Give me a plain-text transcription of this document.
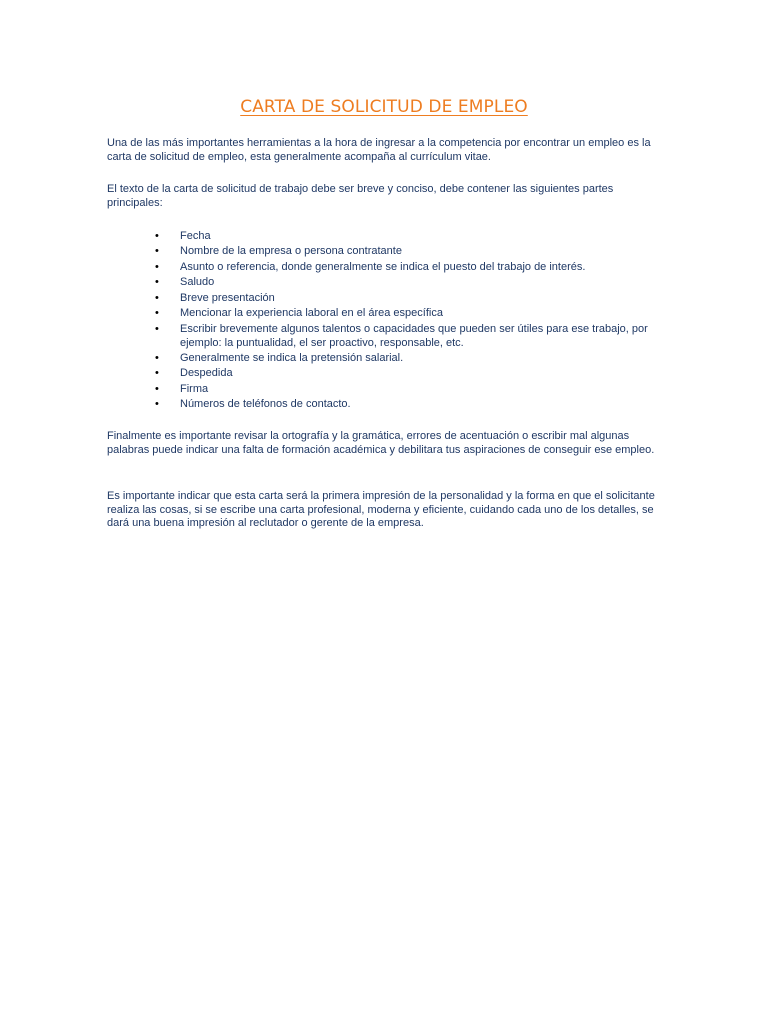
CARTA DE SOLICITUD DE EMPLEO

Una de las más importantes herramientas a la hora de ingresar a la competencia por encontrar un empleo es la carta de solicitud de empleo, esta generalmente acompaña al currículum vitae.

El texto de la carta de solicitud de trabajo debe ser breve y conciso, debe contener las siguientes partes principales:

•	Fecha
•	Nombre de la empresa o persona contratante
•	Asunto o referencia, donde generalmente se indica el puesto del trabajo de interés.
•	Saludo
•	Breve presentación
•	Mencionar la experiencia laboral en el área específica
•	Escribir brevemente algunos talentos o capacidades que pueden ser útiles para ese trabajo, por ejemplo: la puntualidad, el ser proactivo, responsable, etc.
•	Generalmente se indica la pretensión salarial.
•	Despedida
•	Firma
•	Números de teléfonos de contacto.

Finalmente es importante revisar la ortografía y la gramática, errores de acentuación o escribir mal algunas palabras puede indicar una falta de formación académica y debilitara tus aspiraciones de conseguir ese empleo.

Es importante indicar que esta carta será la primera impresión de la personalidad y la forma en que el solicitante realiza las cosas, si se escribe una carta profesional, moderna y eficiente, cuidando cada uno de los detalles, se dará una buena impresión al reclutador o gerente de la empresa.
